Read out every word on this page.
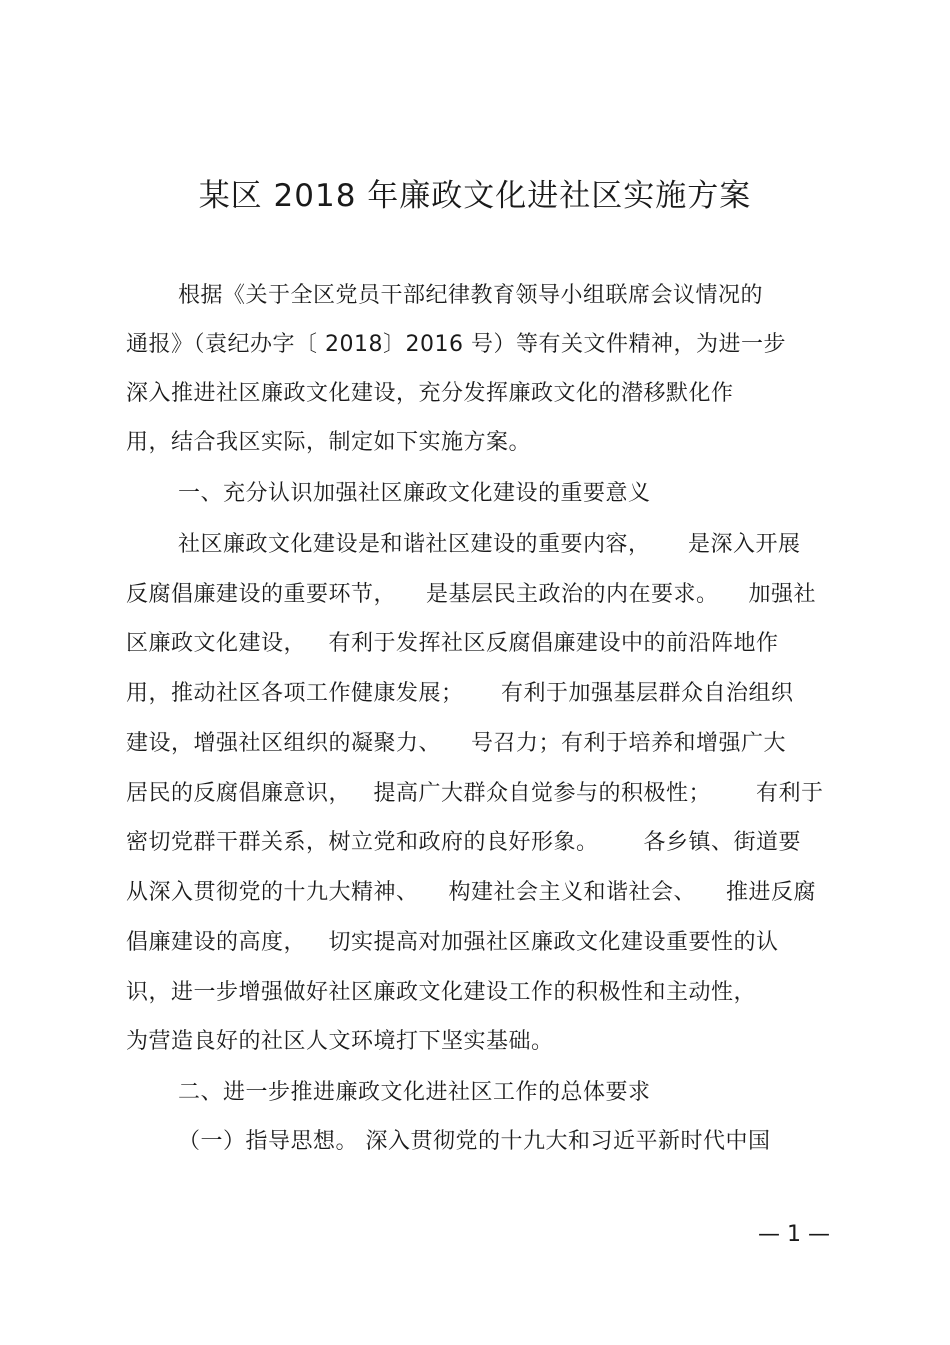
某区 2018 年廉政文化进社区实施方案
根据《关于全区党员干部纪律教育领导小组联席会议情况的
通报》（袁纪办字〔 2018〕2016 号）等有关文件精神，为进一步
深入推进社区廉政文化建设，充分发挥廉政文化的潜移默化作
用，结合我区实际，制定如下实施方案。
一、充分认识加强社区廉政文化建设的重要意义
社区廉政文化建设是和谐社区建设的重要内容，     是深入开展
反腐倡廉建设的重要环节，    是基层民主政治的内在要求。    加强社
区廉政文化建设，   有利于发挥社区反腐倡廉建设中的前沿阵地作
用，推动社区各项工作健康发展；     有利于加强基层群众自治组织
建设，增强社区组织的凝聚力、    号召力；有利于培养和增强广大
居民的反腐倡廉意识，   提高广大群众自觉参与的积极性；      有利于
密切党群干群关系，树立党和政府的良好形象。      各乡镇、街道要
从深入贯彻党的十九大精神、    构建社会主义和谐社会、    推进反腐
倡廉建设的高度，   切实提高对加强社区廉政文化建设重要性的认
识，进一步增强做好社区廉政文化建设工作的积极性和主动性，
为营造良好的社区人文环境打下坚实基础。
二、进一步推进廉政文化进社区工作的总体要求
（一）指导思想。 深入贯彻党的十九大和习近平新时代中国
— 1 —
